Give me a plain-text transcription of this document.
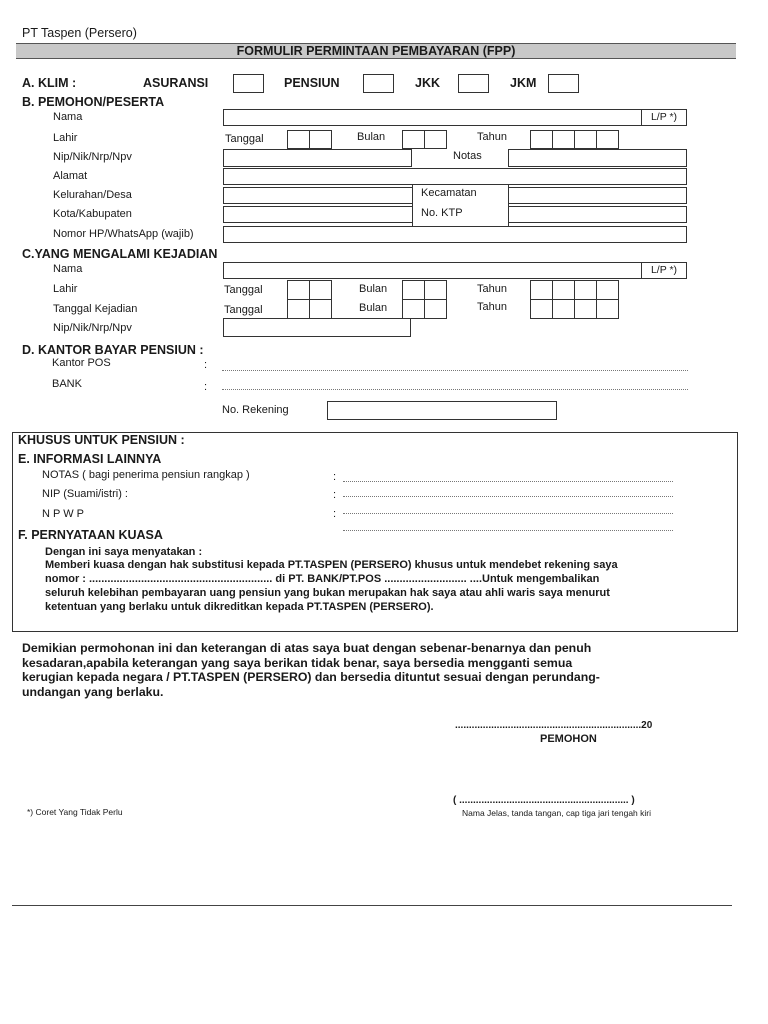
PT Taspen (Persero)
FORMULIR PERMINTAAN PEMBAYARAN (FPP)
A. KLIM :	ASURANSI	PENSIUN	JKK	JKM
B. PEMOHON/PESERTA
Nama	L/P *)
Lahir	Tanggal	Bulan	Tahun
Nip/Nik/Nrp/Npv	Notas
Alamat
Kelurahan/Desa	Kecamatan
Kota/Kabupaten	No. KTP
Nomor HP/WhatsApp (wajib)
C.YANG MENGALAMI KEJADIAN
Nama	L/P *)
Lahir	Tanggal	Bulan	Tahun
Tanggal Kejadian	Tanggal	Bulan	Tahun
Nip/Nik/Nrp/Npv
D. KANTOR BAYAR PENSIUN :
Kantor POS	:
BANK	:
No. Rekening
KHUSUS UNTUK PENSIUN :
E. INFORMASI LAINNYA
NOTAS ( bagi penerima pensiun rangkap )	:
NIP (Suami/istri) :	:
N P W P	:
F. PERNYATAAN KUASA
Dengan ini saya menyatakan :
Memberi kuasa dengan hak substitusi kepada PT.TASPEN (PERSERO) khusus untuk mendebet rekening saya
nomor : ............................................................ di PT. BANK/PT.POS ........................... ....Untuk mengembalikan
seluruh kelebihan pembayaran uang pensiun yang bukan merupakan hak saya atau ahli waris saya menurut
ketentuan yang berlaku untuk dikreditkan kepada PT.TASPEN (PERSERO).
Demikian permohonan ini dan keterangan di atas saya buat dengan sebenar-benarnya dan penuh
kesadaran,apabila keterangan yang saya berikan tidak benar, saya bersedia mengganti semua
kerugian kepada negara / PT.TASPEN (PERSERO) dan bersedia dituntut sesuai dengan perundang-
undangan yang berlaku.
...................................................................20
PEMOHON
( ............................................................. )
Nama Jelas, tanda tangan, cap tiga jari tengah kiri
*) Coret Yang Tidak Perlu
